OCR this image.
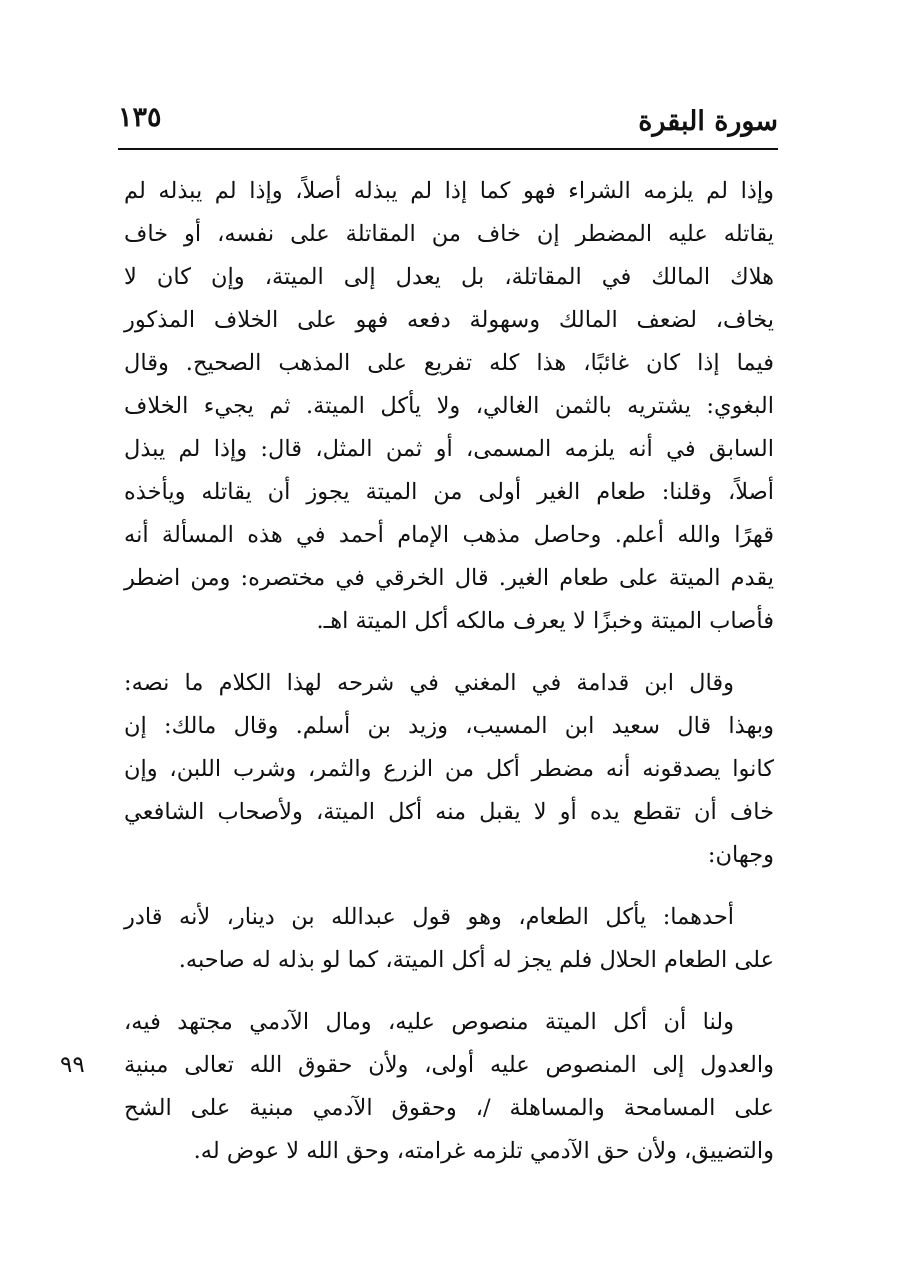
سورة البقرة
١٣٥

وإذا لم يلزمه الشراء فهو كما إذا لم يبذله أصلاً، وإذا لم يبذله لم
يقاتله عليه المضطر إن خاف من المقاتلة على نفسه، أو خاف
هلاك المالك في المقاتلة، بل يعدل إلى الميتة، وإن كان لا
يخاف، لضعف المالك وسهولة دفعه فهو على الخلاف المذكور
فيما إذا كان غائبًا، هذا كله تفريع على المذهب الصحيح. وقال
البغوي: يشتريه بالثمن الغالي، ولا يأكل الميتة. ثم يجيء الخلاف
السابق في أنه يلزمه المسمى، أو ثمن المثل، قال: وإذا لم يبذل
أصلاً، وقلنا: طعام الغير أولى من الميتة يجوز أن يقاتله ويأخذه
قهرًا والله أعلم. وحاصل مذهب الإمام أحمد في هذه المسألة أنه
يقدم الميتة على طعام الغير. قال الخرقي في مختصره: ومن اضطر
فأصاب الميتة وخبزًا لا يعرف مالكه أكل الميتة اهـ.

وقال ابن قدامة في المغني في شرحه لهذا الكلام ما نصه:
وبهذا قال سعيد ابن المسيب، وزيد بن أسلم. وقال مالك: إن
كانوا يصدقونه أنه مضطر أكل من الزرع والثمر، وشرب اللبن، وإن
خاف أن تقطع يده أو لا يقبل منه أكل الميتة، ولأصحاب الشافعي
وجهان:

أحدهما: يأكل الطعام، وهو قول عبدالله بن دينار، لأنه قادر
على الطعام الحلال فلم يجز له أكل الميتة، كما لو بذله له صاحبه.

ولنا أن أكل الميتة منصوص عليه، ومال الآدمي مجتهد فيه،
والعدول إلى المنصوص عليه أولى، ولأن حقوق الله تعالى مبنية
على المسامحة والمساهلة /، وحقوق الآدمي مبنية على الشح
والتضييق، ولأن حق الآدمي تلزمه غرامته، وحق الله لا عوض له.

٩٩
